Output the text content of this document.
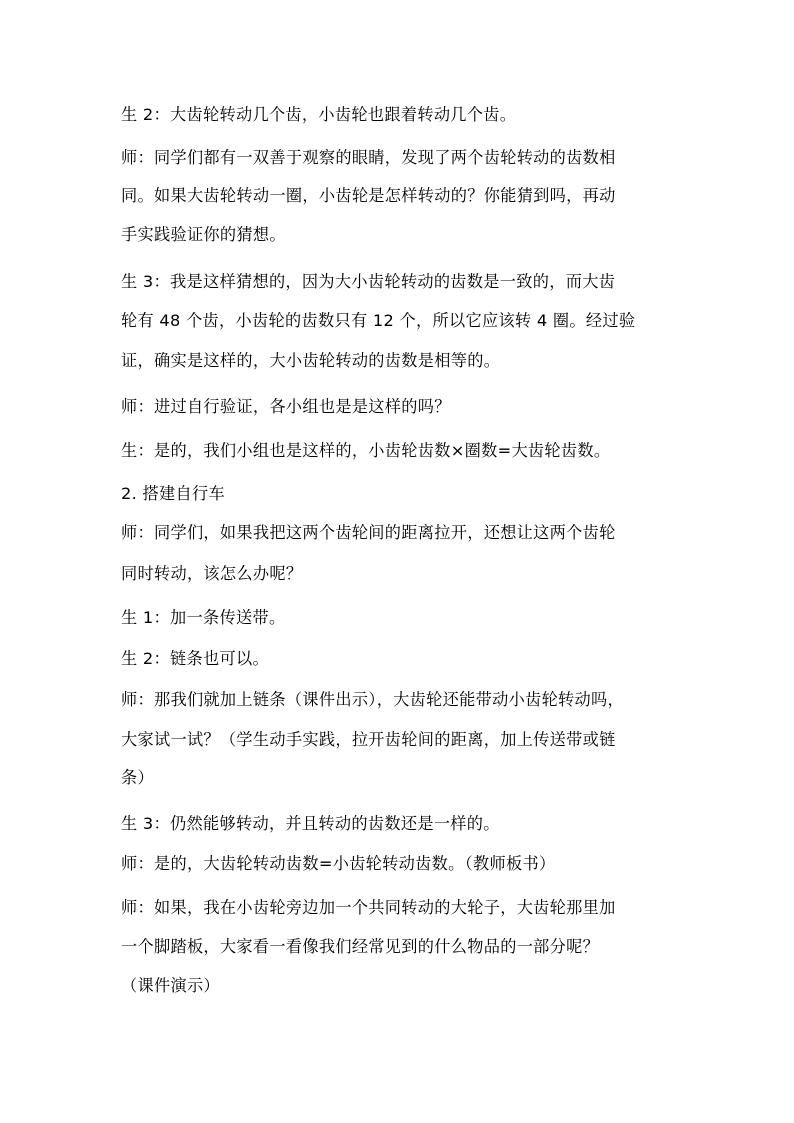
生 2：大齿轮转动几个齿，小齿轮也跟着转动几个齿。
师：同学们都有一双善于观察的眼睛，发现了两个齿轮转动的齿数相
同。如果大齿轮转动一圈，小齿轮是怎样转动的？你能猜到吗，再动
手实践验证你的猜想。
生 3：我是这样猜想的，因为大小齿轮转动的齿数是一致的，而大齿
轮有 48 个齿，小齿轮的齿数只有 12 个，所以它应该转 4 圈。经过验
证，确实是这样的，大小齿轮转动的齿数是相等的。
师：进过自行验证，各小组也是是这样的吗？
生：是的，我们小组也是这样的，小齿轮齿数×圈数=大齿轮齿数。
2. 搭建自行车
师：同学们，如果我把这两个齿轮间的距离拉开，还想让这两个齿轮
同时转动，该怎么办呢？
生 1：加一条传送带。
生 2：链条也可以。
师：那我们就加上链条（课件出示），大齿轮还能带动小齿轮转动吗，
大家试一试？（学生动手实践，拉开齿轮间的距离，加上传送带或链
条）
生 3：仍然能够转动，并且转动的齿数还是一样的。
师：是的，大齿轮转动齿数=小齿轮转动齿数。（教师板书）
师：如果，我在小齿轮旁边加一个共同转动的大轮子，大齿轮那里加
一个脚踏板，大家看一看像我们经常见到的什么物品的一部分呢？
（课件演示）
